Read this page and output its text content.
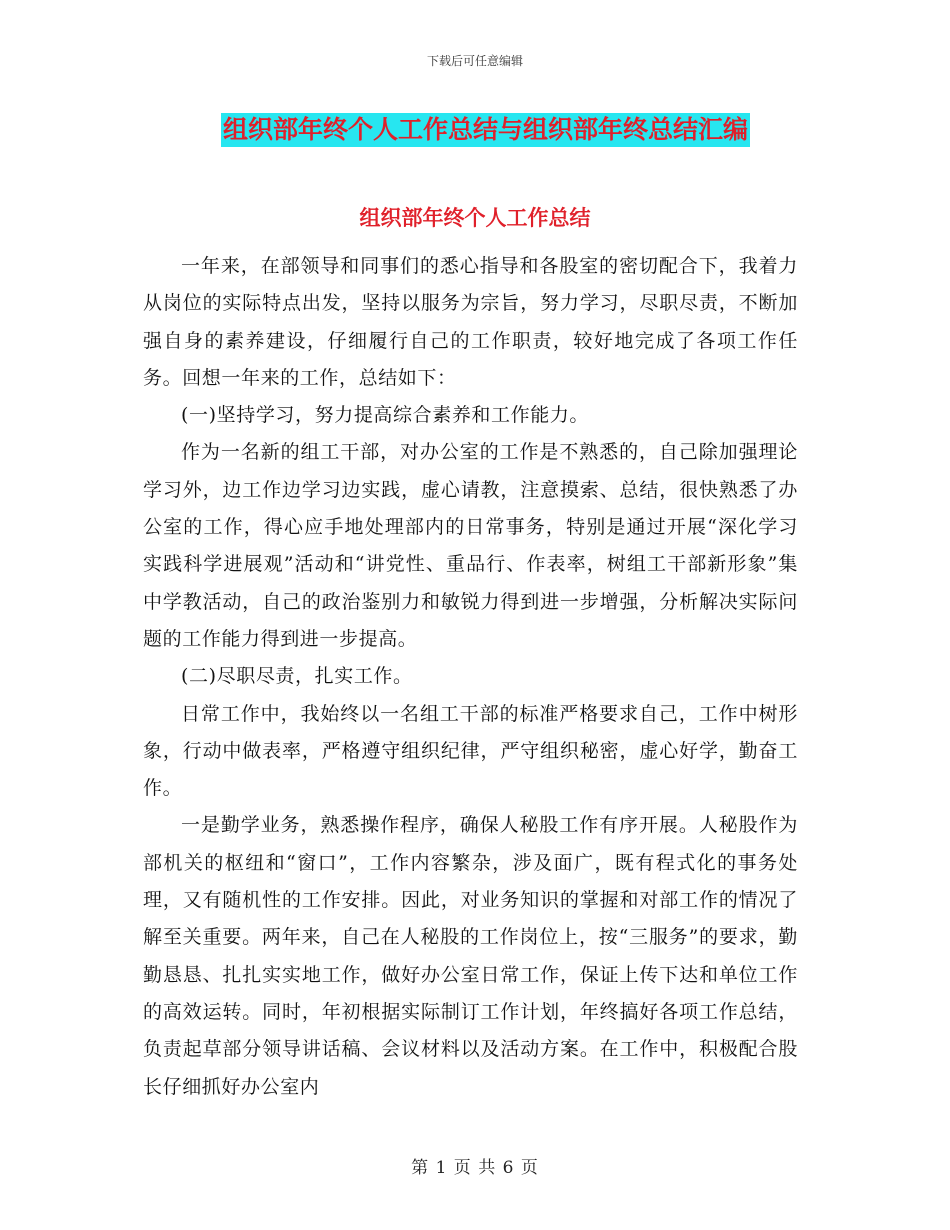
下载后可任意编辑
组织部年终个人工作总结与组织部年终总结汇编
组织部年终个人工作总结

一年来，在部领导和同事们的悉心指导和各股室的密切配合下，我着力从岗位的实际特点出发，坚持以服务为宗旨，努力学习，尽职尽责，不断加强自身的素养建设，仔细履行自己的工作职责，较好地完成了各项工作任务。回想一年来的工作，总结如下：

(一)坚持学习，努力提高综合素养和工作能力。

作为一名新的组工干部，对办公室的工作是不熟悉的，自己除加强理论学习外，边工作边学习边实践，虚心请教，注意摸索、总结，很快熟悉了办公室的工作，得心应手地处理部内的日常事务，特别是通过开展“深化学习实践科学进展观”活动和“讲党性、重品行、作表率，树组工干部新形象”集中学教活动，自己的政治鉴别力和敏锐力得到进一步增强，分析解决实际问题的工作能力得到进一步提高。

(二)尽职尽责，扎实工作。

日常工作中，我始终以一名组工干部的标准严格要求自己，工作中树形象，行动中做表率，严格遵守组织纪律，严守组织秘密，虚心好学，勤奋工作。

一是勤学业务，熟悉操作程序，确保人秘股工作有序开展。人秘股作为部机关的枢纽和“窗口”，工作内容繁杂，涉及面广，既有程式化的事务处理，又有随机性的工作安排。因此，对业务知识的掌握和对部工作的情况了解至关重要。两年来，自己在人秘股的工作岗位上，按“三服务”的要求，勤勤恳恳、扎扎实实地工作，做好办公室日常工作，保证上传下达和单位工作的高效运转。同时，年初根据实际制订工作计划，年终搞好各项工作总结，负责起草部分领导讲话稿、会议材料以及活动方案。在工作中，积极配合股长仔细抓好办公室内

第 1 页 共 6 页
